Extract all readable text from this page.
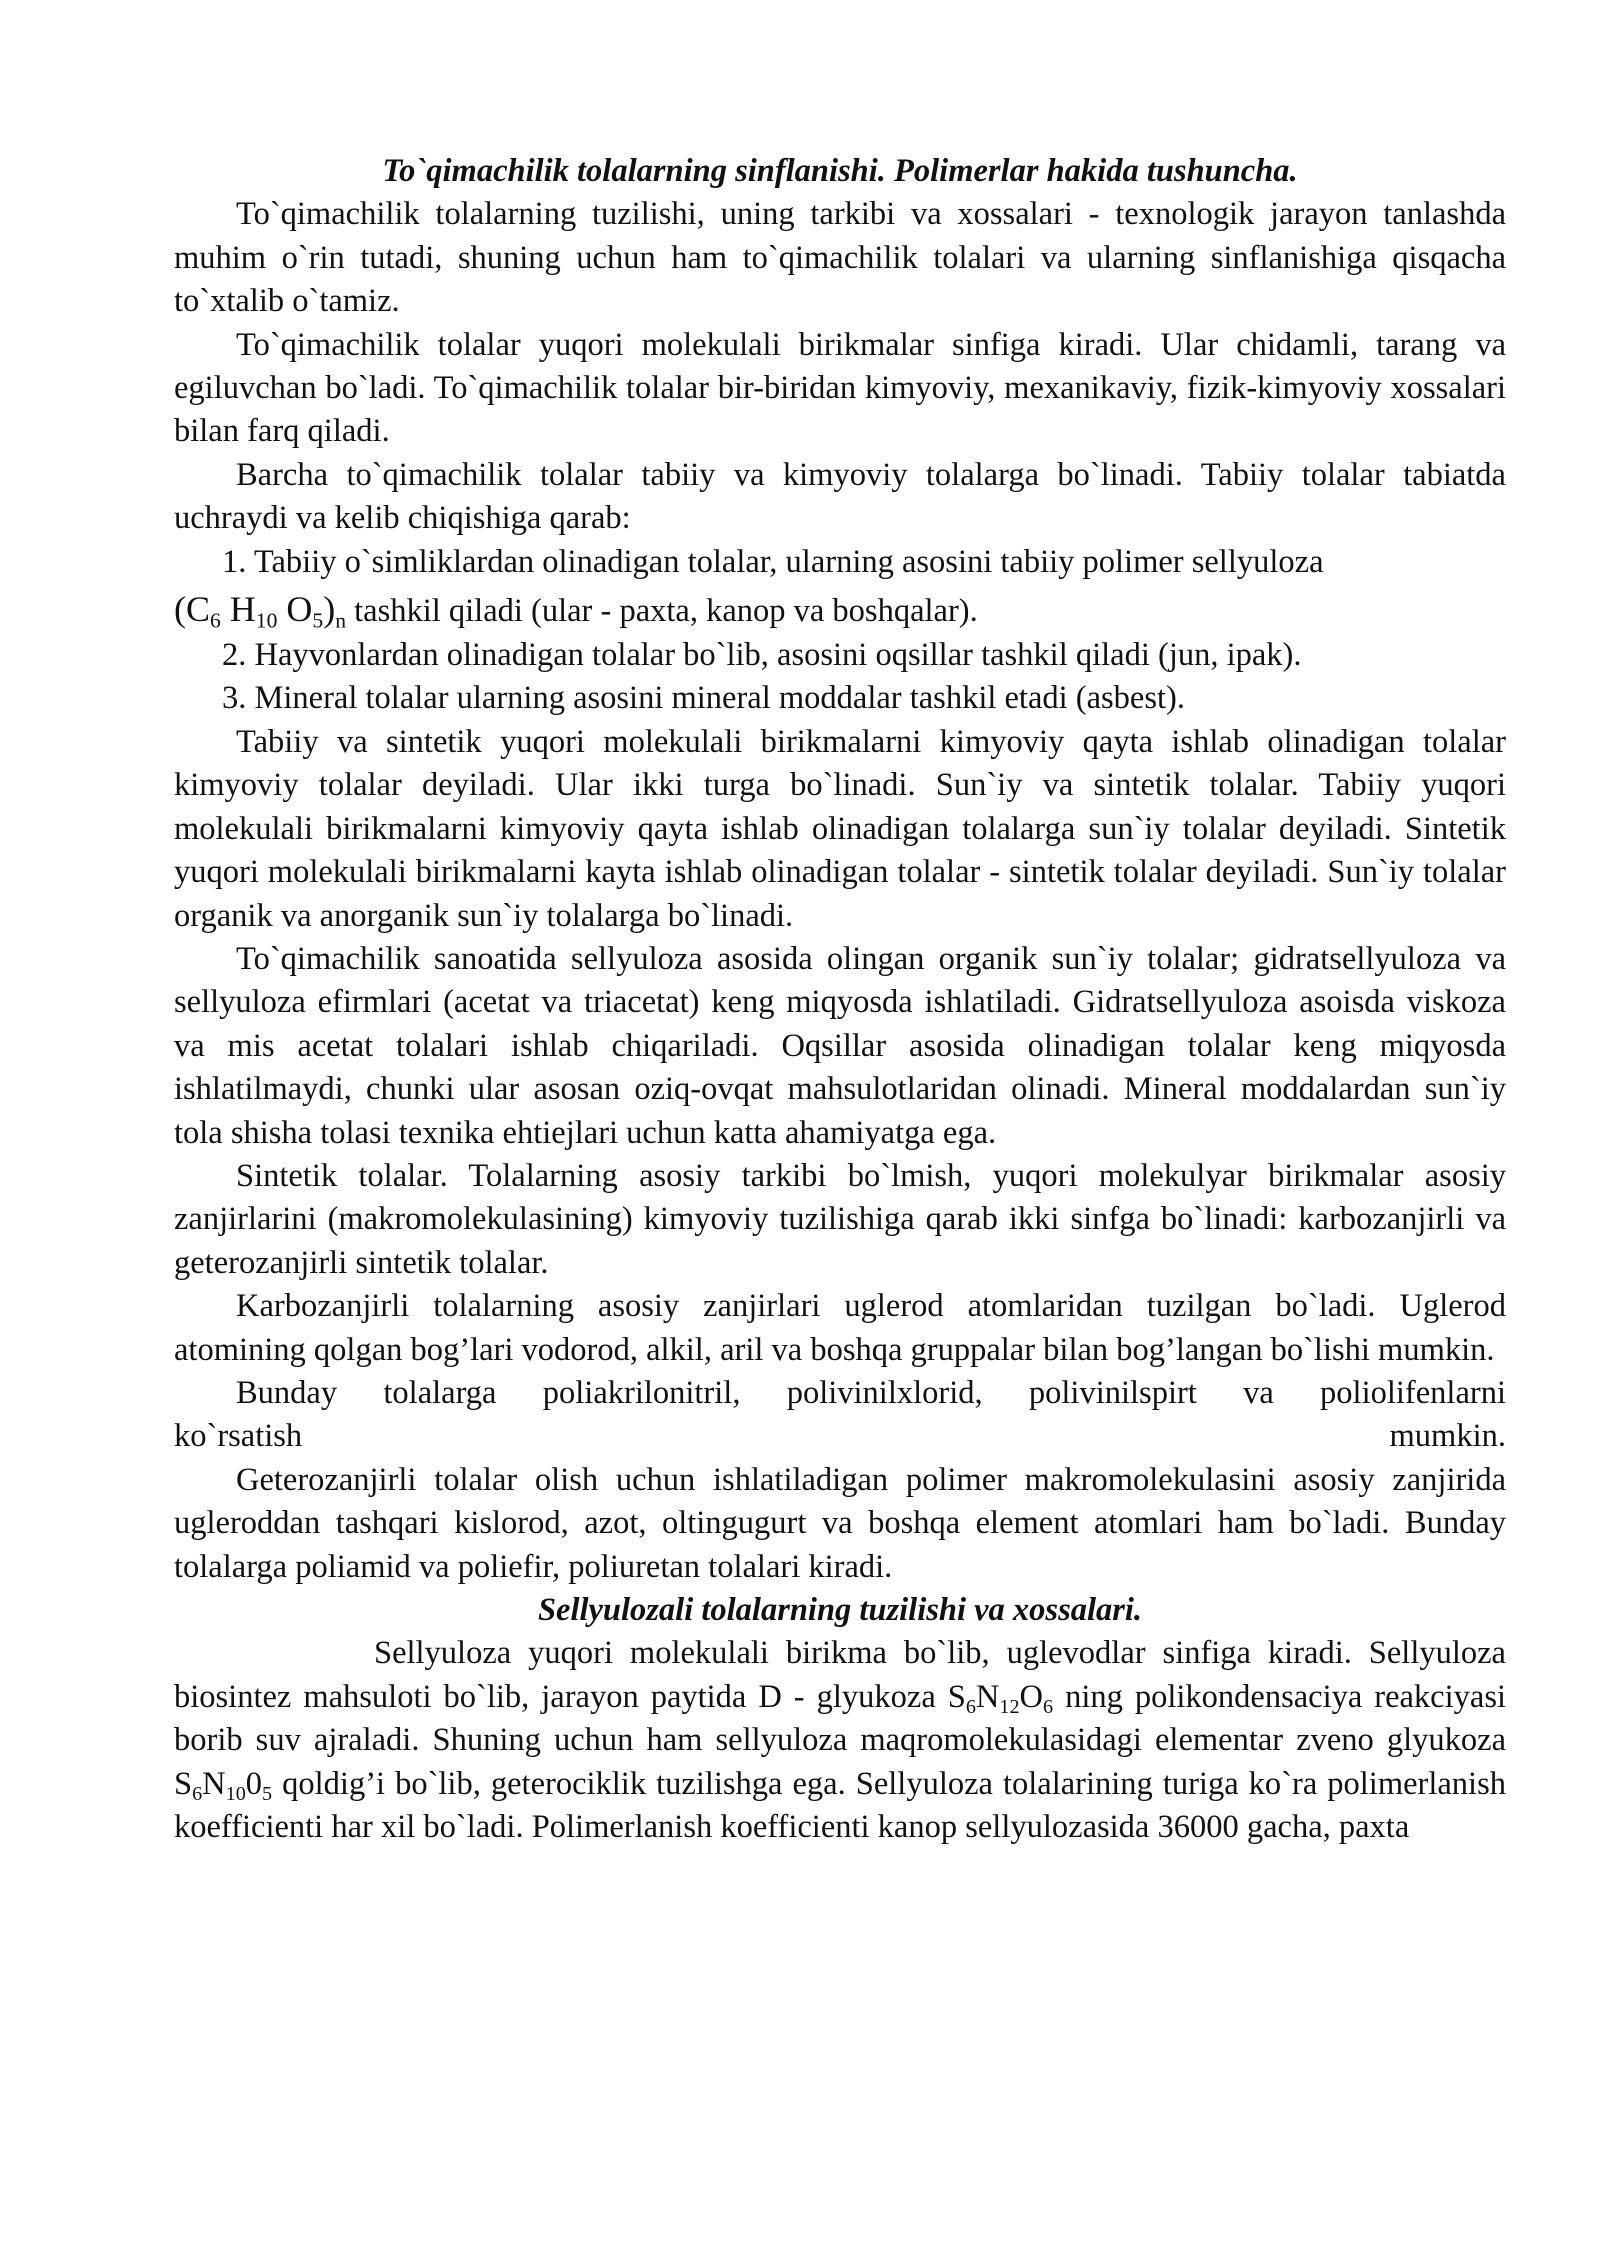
To`qimachilik tolalarning sinflanishi. Polimerlar hakida tushuncha.

To`qimachilik tolalarning tuzilishi, uning tarkibi va xossalari - texnologik jarayon tanlashda muhim o`rin tutadi, shuning uchun ham to`qimachilik tolalari va ularning sinflanishiga qisqacha to`xtalib o`tamiz.

To`qimachilik tolalar yuqori molekulali birikmalar sinfiga kiradi. Ular chidamli, tarang va egiluvchan bo`ladi. To`qimachilik tolalar bir-biridan kimyoviy, mexanikaviy, fizik-kimyoviy xossalari bilan farq qiladi.

Barcha to`qimachilik tolalar tabiiy va kimyoviy tolalarga bo`linadi. Tabiiy tolalar tabiatda uchraydi va kelib chiqishiga qarab:

1. Tabiiy o`simliklardan olinadigan tolalar, ularning asosini tabiiy polimer sellyuloza
($C_6$ $H_{10}$ $O_5)_n$ tashkil qiladi (ular - paxta, kanop va boshqalar).
2. Hayvonlardan olinadigan tolalar bo`lib, asosini oqsillar tashkil qiladi (jun, ipak).
3. Mineral tolalar ularning asosini mineral moddalar tashkil etadi (asbest).

Tabiiy va sintetik yuqori molekulali birikmalarni kimyoviy qayta ishlab olinadigan tolalar kimyoviy tolalar deyiladi. Ular ikki turga bo`linadi. Sun`iy va sintetik tolalar. Tabiiy yuqori molekulali birikmalarni kimyoviy qayta ishlab olinadigan tolalarga sun`iy tolalar deyiladi. Sintetik yuqori molekulali birikmalarni kayta ishlab olinadigan tolalar - sintetik tolalar deyiladi. Sun`iy tolalar organik va anorganik sun`iy tolalarga bo`linadi.

To`qimachilik sanoatida sellyuloza asosida olingan organik sun`iy tolalar; gidratsellyuloza va sellyuloza efirmlari (acetat va triacetat) keng miqyosda ishlatiladi. Gidratsellyuloza asoisda viskoza va mis acetat tolalari ishlab chiqariladi. Oqsillar asosida olinadigan tolalar keng miqyosda ishlatilmaydi, chunki ular asosan oziq-ovqat mahsulotlaridan olinadi. Mineral moddalardan sun`iy tola shisha tolasi texnika ehtiejlari uchun katta ahamiyatga ega.

Sintetik tolalar. Tolalarning asosiy tarkibi bo`lmish, yuqori molekulyar birikmalar asosiy zanjirlarini (makromolekulasining) kimyoviy tuzilishiga qarab ikki sinfga bo`linadi: karbozanjirli va geterozanjirli sintetik tolalar.

Karbozanjirli tolalarning asosiy zanjirlari uglerod atomlaridan tuzilgan bo`ladi. Uglerod atomining qolgan bog’lari vodorod, alkil, aril va boshqa gruppalar bilan bog’langan bo`lishi mumkin.

Bunday tolalarga poliakrilonitril, polivinilxlorid, polivinilspirt va poliolifenlarni

ko`rsatish	mumkin.

Geterozanjirli tolalar olish uchun ishlatiladigan polimer makromolekulasini asosiy zanjirida ugleroddan tashqari kislorod, azot, oltingugurt va boshqa element atomlari ham bo`ladi. Bunday tolalarga poliamid va poliefir, poliuretan tolalari kiradi.

Sellyulozali tolalarning tuzilishi va xossalari.

Sellyuloza yuqori molekulali birikma bo`lib, uglevodlar sinfiga kiradi. Sellyuloza biosintez mahsuloti bo`lib, jarayon paytida D - glyukoza $S_6N_{12}O_6$ ning polikondensaciya reakciyasi borib suv ajraladi. Shuning uchun ham sellyuloza maqromolekulasidagi elementar zveno glyukoza $S_6N_{10}0_5$ qoldig’i bo`lib, geterociklik tuzilishga ega. Sellyuloza tolalarining turiga ko`ra polimerlanish koefficienti har xil bo`ladi. Polimerlanish koefficienti kanop sellyulozasida 36000 gacha, paxta
